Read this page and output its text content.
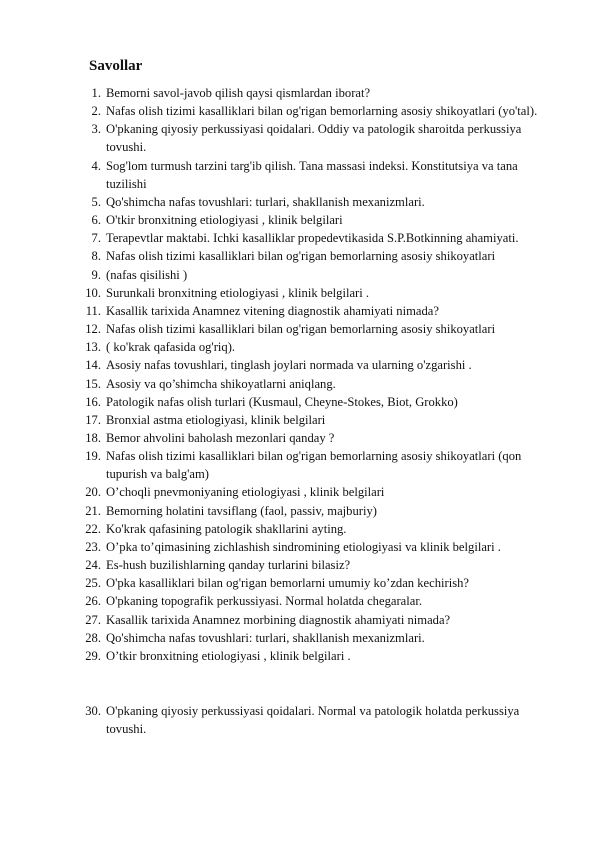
Savollar
1. Bemorni savol-javob qilish qaysi qismlardan iborat?
2. Nafas olish tizimi kasalliklari bilan og'rigan bemorlarning asosiy shikoyatlari (yo'tal).
3. O'pkaning qiyosiy perkussiyasi qoidalari. Oddiy va patologik sharoitda perkussiya tovushi.
4. Sog'lom turmush tarzini targ'ib qilish. Tana massasi indeksi. Konstitutsiya va tana tuzilishi
5. Qo'shimcha nafas tovushlari: turlari, shakllanish mexanizmlari.
6. O'tkir bronxitning etiologiyasi , klinik belgilari
7. Terapevtlar maktabi. Ichki kasalliklar propedevtikasida S.P.Botkinning ahamiyati.
8. Nafas olish tizimi kasalliklari bilan og'rigan bemorlarning asosiy shikoyatlari
9. (nafas qisilishi )
10. Surunkali bronxitning etiologiyasi , klinik belgilari .
11. Kasallik tarixida Anamnez vitening diagnostik ahamiyati nimada?
12. Nafas olish tizimi kasalliklari bilan og'rigan bemorlarning asosiy shikoyatlari
13. ( ko'krak qafasida og'riq).
14. Asosiy nafas tovushlari, tinglash joylari normada va ularning o'zgarishi .
15. Asosiy va qo’shimcha shikoyatlarni aniqlang.
16. Patologik nafas olish turlari (Kusmaul, Cheyne-Stokes, Biot, Grokko)
17. Bronxial astma etiologiyasi, klinik belgilari
18. Bemor ahvolini baholash mezonlari qanday ?
19. Nafas olish tizimi kasalliklari bilan og'rigan bemorlarning asosiy shikoyatlari (qon tupurish va balg'am)
20. O’choqli pnevmoniyaning etiologiyasi , klinik belgilari
21. Bemorning holatini tavsiflang (faol, passiv, majburiy)
22. Ko'krak qafasining patologik shakllarini ayting.
23. O’pka to’qimasining zichlashish sindromining etiologiyasi va klinik belgilari .
24. Es-hush buzilishlarning qanday turlarini bilasiz?
25. O'pka kasalliklari bilan og'rigan bemorlarni umumiy ko’zdan kechirish?
26. O'pkaning topografik perkussiyasi. Normal holatda chegaralar.
27. Kasallik tarixida Anamnez morbining diagnostik ahamiyati nimada?
28. Qo'shimcha nafas tovushlari: turlari, shakllanish mexanizmlari.
29. O’tkir bronxitning etiologiyasi , klinik belgilari .
30. O'pkaning qiyosiy perkussiyasi qoidalari. Normal va patologik holatda perkussiya tovushi.
